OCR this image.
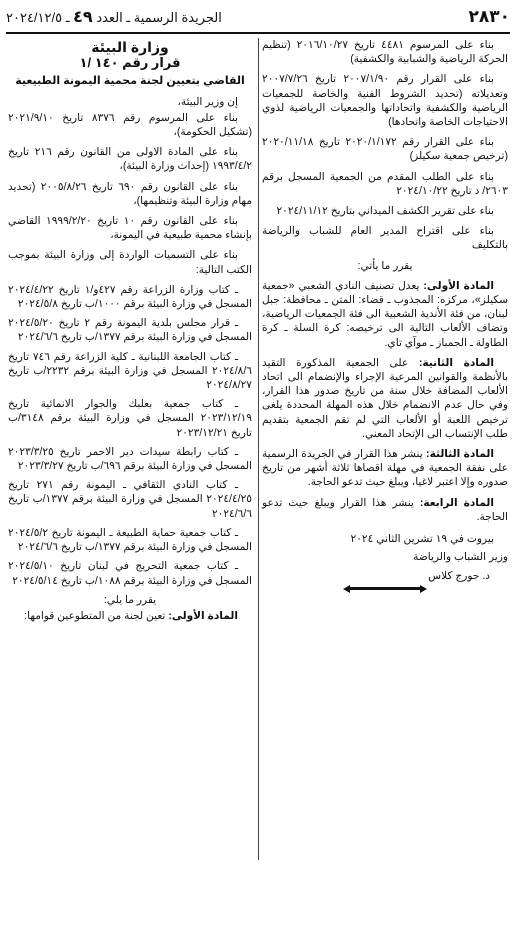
٢٨٣٠
الجريدة الرسمية ـ العدد ٤٩ ـ ٢٠٢٤/١٢/٥

بناء على المرسوم ٤٤٨١ تاريخ ٢٠١٦/١٠/٢٧ (تنظيم الحركة الرياضية والشبابية والكشفية)

بناء على القرار رقم ٢٠٠٧/١/٩٠ تاريخ ٢٠٠٧/٧/٢٦ وتعديلاته (تحديد الشروط الفنية والخاصة للجمعيات الرياضية والكشفية واتحاداتها والجمعيات الرياضية لذوي الاحتياجات الخاصة واتحادها)

بناء على القرار رقم ٢٠٢٠/١/١٧٢ تاريخ ٢٠٢٠/١١/١٨ (ترخيص جمعية سكيلز)

بناء على الطلب المقدم من الجمعية المسجل برقم ٢٦٠٣/ د تاريخ ٢٠٢٤/١٠/٢٢

بناء على تقرير الكشف الميداني بتاريخ ٢٠٢٤/١١/١٢

بناء على اقتراح المدير العام للشباب والرياضة بالتكليف

يقرر ما يأتي:

المادة الأولى: يعدل تصنيف النادي الشعبي «جمعية سكيلز»، مركزه: المجذوب ـ قضاء: المتن ـ محافظة: جبل لبنان، من فئة الأندية الشعبية الى فئة الجمعيات الرياضية، وتضاف الألعاب التالية الى ترخيصه: كرة السلة ـ كرة الطاولة ـ الجمباز ـ موآي تاي.

المادة الثانية: على الجمعية المذكورة التقيد بالأنظمة والقوانين المرعية الإجراء والإنضمام الى اتحاد الألعاب المضافة خلال سنة من تاريخ صدور هذا القرار، وفي حال عدم الانضمام خلال هذه المهلة المحددة يلغى ترخيص اللعبة أو الألعاب التي لم تقم الجمعية بتقديم طلب الإنتساب الى الإتحاد المعني.

المادة الثالثة: ينشر هذا القرار في الجريدة الرسمية على نفقة الجمعية في مهلة اقصاها ثلاثة أشهر من تاريخ صدوره وإلا اعتبر لاغيا، ويبلغ حيث تدعو الحاجة.

المادة الرابعة: ينشر هذا القرار ويبلغ حيث تدعو الحاجة.

بيروت في ١٩ تشرين الثاني ٢٠٢٤
وزير الشباب والرياضة
د. جورج كلاس
وزارة البيئة
قرار رقم ١٤٠ /١
القاضي بتعيين لجنة محمية اليمونة الطبيعية

إن وزير البيئة،

بناء على المرسوم رقم ٨٣٧٦ تاريخ ٢٠٢١/٩/١٠ (تشكيل الحكومة)،

بناء على المادة الاولى من القانون رقم ٢١٦ تاريخ ١٩٩٣/٤/٢ (إحداث وزارة البيئة)،

بناء على القانون رقم ٦٩٠ تاريخ ٢٠٠٥/٨/٢٦ (تحديد مهام وزارة البيئة وتنظيمها)،

بناء على القانون رقم ١٠ تاريخ ١٩٩٩/٢/٢٠ القاضي بإنشاء محمية طبيعية في اليمونة،

بناء على التسميات الواردة إلى وزارة البيئة بموجب الكتب التالية:

ـ كتاب وزارة الزراعة رقم ٤٢٧و/١ تاريخ ٢٠٢٤/٤/٢٢ المسجل في وزارة البيئة برقم ١٠٠٠/ب تاريخ ٢٠٢٤/٥/٨

ـ قرار مجلس بلدية اليمونة رقم ٢ تاريخ ٢٠٢٤/٥/٢٠ المسجل في وزارة البيئة برقم ١٣٧٧/ب تاريخ ٢٠٢٤/٦/٦

ـ كتاب الجامعة اللبنانية ـ كلية الزراعة رقم ٧٤٦ تاريخ ٢٠٢٤/٨/٦ المسجل في وزارة البيئة برقم ٢٢٣٢/ب تاريخ ٢٠٢٤/٨/٢٧

ـ كتاب جمعية بعلبك والجوار الانمائية تاريخ ٢٠٢٣/١٢/١٩ المسجل في وزارة البيئة برقم ٣١٤٨/ب تاريخ ٢٠٢٣/١٢/٢١

ـ كتاب رابطة سيدات دير الاحمر تاريخ ٢٠٢٣/٣/٢٥ المسجل في وزارة البيئة برقم ٦٩٦/ب تاريخ ٢٠٢٣/٣/٢٧

ـ كتاب النادي الثقافي ـ اليمونة رقم ٢٧١ تاريخ ٢٠٢٤/٤/٢٥ المسجل في وزارة البيئة برقم ١٣٧٧/ب تاريخ ٢٠٢٤/٦/٦

ـ كتاب جمعية حماية الطبيعة ـ اليمونة تاريخ ٢٠٢٤/٥/٢ المسجل في وزارة البيئة برقم ١٣٧٧/ب تاريخ ٢٠٢٤/٦/٦

ـ كتاب جمعية التحريج في لبنان تاريخ ٢٠٢٤/٥/١٠ المسجل في وزارة البيئة برقم ١٠٨٨/ب تاريخ ٢٠٢٤/٥/١٤

يقرر ما يلي:

المادة الأولى: تعين لجنة من المتطوعين قوامها:
